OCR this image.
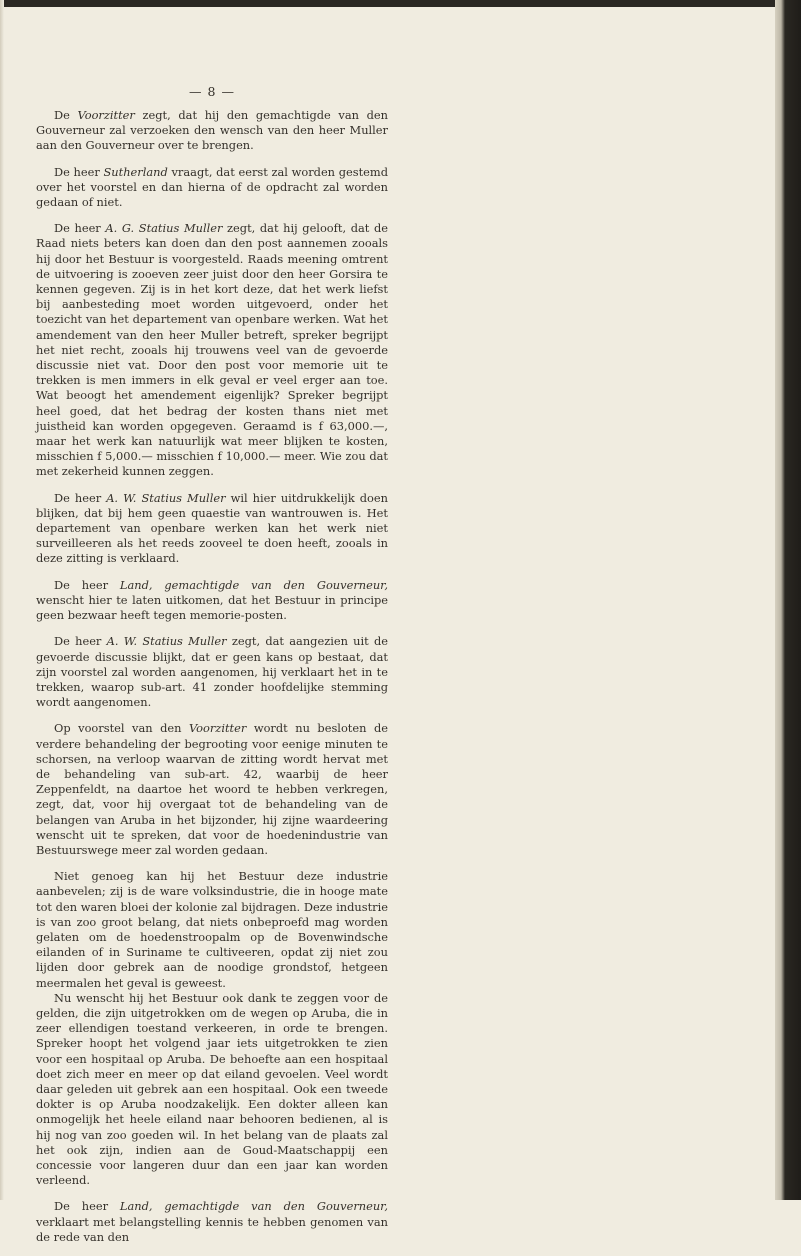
— 8 —

De Voorzitter zegt, dat hij den gemachtigde van den Gouverneur zal verzoeken den wensch van den heer Muller aan den Gouverneur over te brengen.

De heer Sutherland vraagt, dat eerst zal worden gestemd over het voorstel en dan hierna of de opdracht zal worden gedaan of niet.

De heer A. G. Statius Muller zegt, dat hij gelooft, dat de Raad niets beters kan doen dan den post aannemen zooals hij door het Bestuur is voorgesteld. Raads meening omtrent de uitvoering is zooeven zeer juist door den heer Gorsira te kennen gegeven. Zij is in het kort deze, dat het werk liefst bij aanbesteding moet worden uitgevoerd, onder het toezicht van het departement van openbare werken. Wat het amendement van den heer Muller betreft, spreker begrijpt het niet recht, zooals hij trouwens veel van de gevoerde discussie niet vat. Door den post voor memorie uit te trekken is men immers in elk geval er veel erger aan toe. Wat beoogt het amendement eigenlijk? Spreker begrijpt heel goed, dat het bedrag der kosten thans niet met juistheid kan worden opgegeven. Geraamd is f 63,000.—, maar het werk kan natuurlijk wat meer blijken te kosten, misschien f 5,000.— misschien f 10,000.— meer. Wie zou dat met zekerheid kunnen zeggen.

De heer A. W. Statius Muller wil hier uitdrukkelijk doen blijken, dat bij hem geen quaestie van wantrouwen is. Het departement van openbare werken kan het werk niet surveilleeren als het reeds zooveel te doen heeft, zooals in deze zitting is verklaard.

De heer Land, gemachtigde van den Gouverneur, wenscht hier te laten uitkomen, dat het Bestuur in principe geen bezwaar heeft tegen memorie-posten.

De heer A. W. Statius Muller zegt, dat aangezien uit de gevoerde discussie blijkt, dat er geen kans op bestaat, dat zijn voorstel zal worden aangenomen, hij verklaart het in te trekken, waarop sub-art. 41 zonder hoofdelijke stemming wordt aangenomen.

Op voorstel van den Voorzitter wordt nu besloten de verdere behandeling der begrooting voor eenige minuten te schorsen, na verloop waarvan de zitting wordt hervat met de behandeling van sub-art. 42, waarbij de heer Zeppenfeldt, na daartoe het woord te hebben verkregen, zegt, dat, voor hij overgaat tot de behandeling van de belangen van Aruba in het bijzonder, hij zijne waardeering wenscht uit te spreken, dat voor de hoedenindustrie van Bestuurswege meer zal worden gedaan.

Niet genoeg kan hij het Bestuur deze industrie aanbevelen; zij is de ware volksindustrie, die in hooge mate tot den waren bloei der kolonie zal bijdragen. Deze industrie is van zoo groot belang, dat niets onbeproefd mag worden gelaten om de hoedenstroopalm op de Bovenwindsche eilanden of in Suriname te cultiveeren, opdat zij niet zou lijden door gebrek aan de noodige grondstof, hetgeen meermalen het geval is geweest.

Nu wenscht hij het Bestuur ook dank te zeggen voor de gelden, die zijn uitgetrokken om de wegen op Aruba, die in zeer ellendigen toestand verkeeren, in orde te brengen. Spreker hoopt het volgend jaar iets uitgetrokken te zien voor een hospitaal op Aruba. De behoefte aan een hospitaal doet zich meer en meer op dat eiland gevoelen. Veel wordt daar geleden uit gebrek aan een hospitaal. Ook een tweede dokter is op Aruba noodzakelijk. Een dokter alleen kan onmogelijk het heele eiland naar behooren bedienen, al is hij nog van zoo goeden wil. In het belang van de plaats zal het ook zijn, indien aan de Goud-Maatschappij een concessie voor langeren duur dan een jaar kan worden verleend.

De heer Land, gemachtigde van den Gouverneur, verklaart met belangstelling kennis te hebben genomen van de rede van den
